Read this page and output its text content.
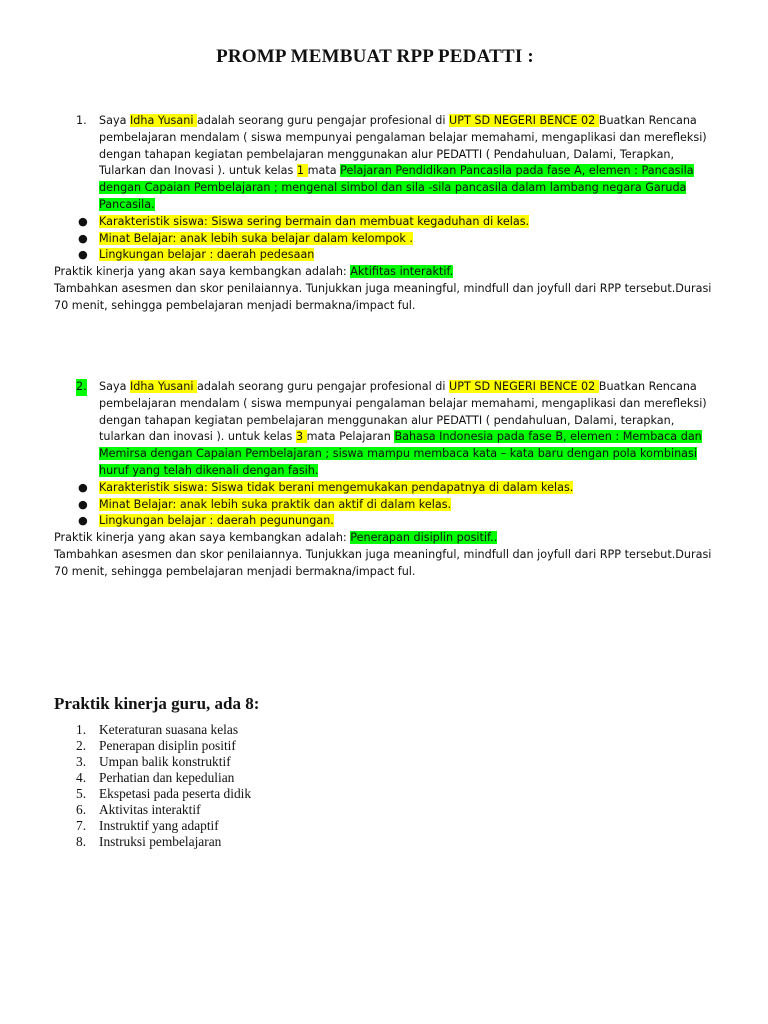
PROMP MEMBUAT RPP PEDATTI :
1. Saya Idha Yusani adalah seorang guru pengajar profesional di UPT SD NEGERI BENCE 02 Buatkan Rencana pembelajaran mendalam ( siswa mempunyai pengalaman belajar memahami, mengaplikasi dan merefleksi) dengan tahapan kegiatan pembelajaran menggunakan alur PEDATTI ( Pendahuluan, Dalami, Terapkan, Tularkan dan Inovasi ). untuk kelas 1 mata Pelajaran Pendidikan Pancasila pada fase A, elemen : Pancasila dengan Capaian Pembelajaran ; mengenal simbol dan sila -sila pancasila dalam lambang negara Garuda Pancasila.
● Karakteristik siswa: Siswa sering bermain dan membuat kegaduhan di kelas.
● Minat Belajar: anak lebih suka belajar dalam kelompok .
● Lingkungan belajar : daerah pedesaan
Praktik kinerja yang akan saya kembangkan adalah: Aktifitas interaktif.
Tambahkan asesmen dan skor penilaiannya. Tunjukkan juga meaningful, mindfull dan joyfull dari RPP tersebut.Durasi 70 menit, sehingga pembelajaran menjadi bermakna/impact ful.
2. Saya Idha Yusani adalah seorang guru pengajar profesional di UPT SD NEGERI BENCE 02 Buatkan Rencana pembelajaran mendalam ( siswa mempunyai pengalaman belajar memahami, mengaplikasi dan merefleksi) dengan tahapan kegiatan pembelajaran menggunakan alur PEDATTI ( pendahuluan, Dalami, terapkan, tularkan dan inovasi ). untuk kelas 3 mata Pelajaran Bahasa Indonesia pada fase B, elemen : Membaca dan Memirsa dengan Capaian Pembelajaran ; siswa mampu membaca kata – kata baru dengan pola kombinasi huruf yang telah dikenali dengan fasih.
● Karakteristik siswa: Siswa tidak berani mengemukakan pendapatnya di dalam kelas.
● Minat Belajar: anak lebih suka praktik dan aktif di dalam kelas.
● Lingkungan belajar : daerah pegunungan.
Praktik kinerja yang akan saya kembangkan adalah: Penerapan disiplin positif..
Tambahkan asesmen dan skor penilaiannya. Tunjukkan juga meaningful, mindfull dan joyfull dari RPP tersebut.Durasi 70 menit, sehingga pembelajaran menjadi bermakna/impact ful.
Praktik kinerja guru, ada 8:
1. Keteraturan suasana kelas
2. Penerapan disiplin positif
3. Umpan balik konstruktif
4. Perhatian dan kepedulian
5. Ekspetasi pada peserta didik
6. Aktivitas interaktif
7. Instruktif yang adaptif
8. Instruksi pembelajaran
